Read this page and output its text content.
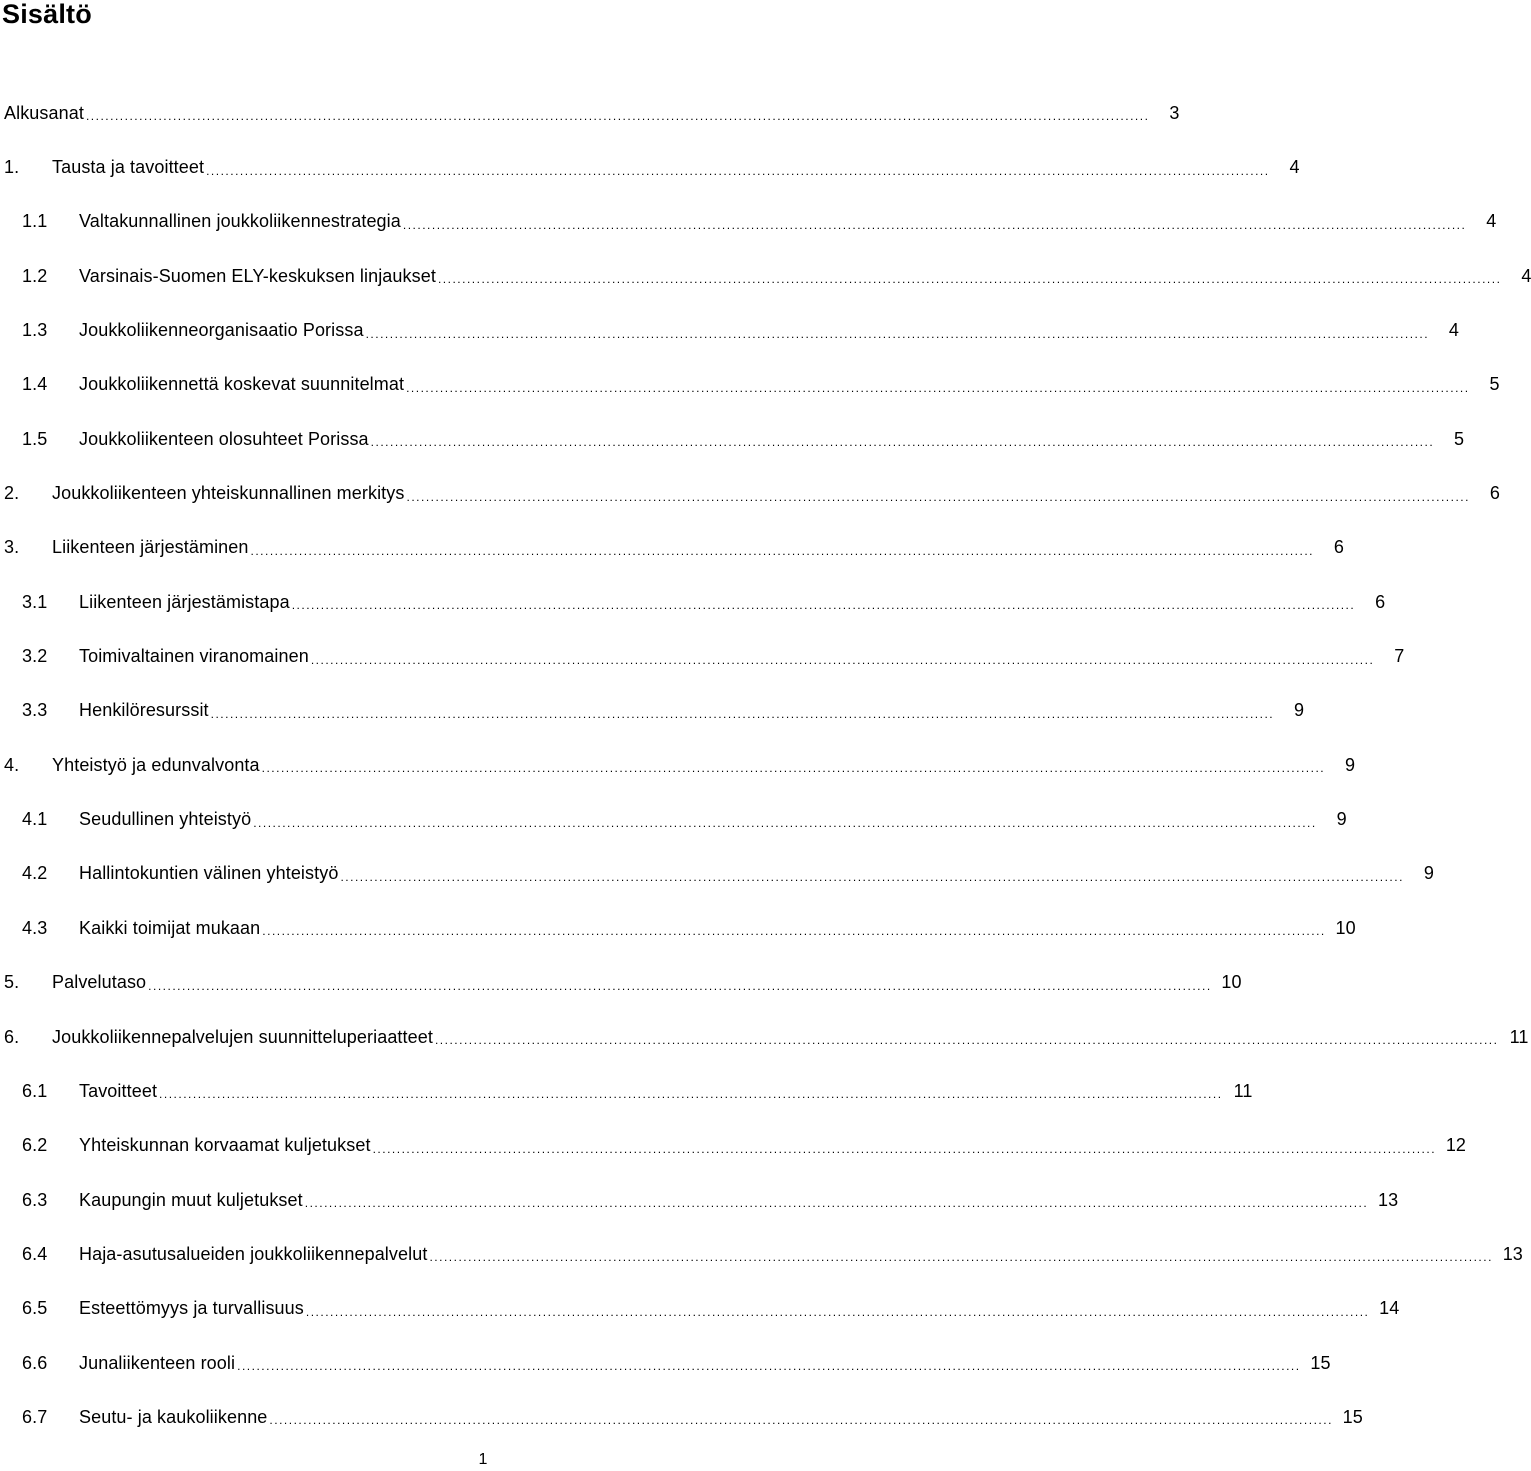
Sisältö
Alkusanat ............................................................................................................................................................................................................................	3
1.	Tausta ja tavoitteet ............................................................................................................................................................................................................................	4
1.1	Valtakunnallinen joukkoliikennestrategia ............................................................................................................................................................................................................................	4
1.2	Varsinais-Suomen ELY-keskuksen linjaukset ............................................................................................................................................................................................................................	4
1.3	Joukkoliikenneorganisaatio Porissa ............................................................................................................................................................................................................................	4
1.4	Joukkoliikennettä koskevat suunnitelmat ............................................................................................................................................................................................................................	5
1.5	Joukkoliikenteen olosuhteet Porissa ............................................................................................................................................................................................................................	5
2.	Joukkoliikenteen yhteiskunnallinen merkitys ............................................................................................................................................................................................................................	6
3.	Liikenteen järjestäminen ............................................................................................................................................................................................................................	6
3.1	Liikenteen järjestämistapa ............................................................................................................................................................................................................................	6
3.2	Toimivaltainen viranomainen ............................................................................................................................................................................................................................	7
3.3	Henkilöresurssit ............................................................................................................................................................................................................................	9
4.	Yhteistyö ja edunvalvonta ............................................................................................................................................................................................................................	9
4.1	Seudullinen yhteistyö ............................................................................................................................................................................................................................	9
4.2	Hallintokuntien välinen yhteistyö ............................................................................................................................................................................................................................	9
4.3	Kaikki toimijat mukaan ............................................................................................................................................................................................................................ 10
5.	Palvelutaso ............................................................................................................................................................................................................................ 10
6.	Joukkoliikennepalvelujen suunnitteluperiaatteet ............................................................................................................................................................................................................................ 11
6.1	Tavoitteet ............................................................................................................................................................................................................................ 11
6.2	Yhteiskunnan korvaamat kuljetukset ............................................................................................................................................................................................................................ 12
6.3	Kaupungin muut kuljetukset ............................................................................................................................................................................................................................ 13
6.4	Haja-asutusalueiden joukkoliikennepalvelut ............................................................................................................................................................................................................................ 13
6.5	Esteettömyys ja turvallisuus ............................................................................................................................................................................................................................ 14
6.6	Junaliikenteen rooli ............................................................................................................................................................................................................................ 15
6.7	Seutu- ja kaukoliikenne ............................................................................................................................................................................................................................ 15
1
